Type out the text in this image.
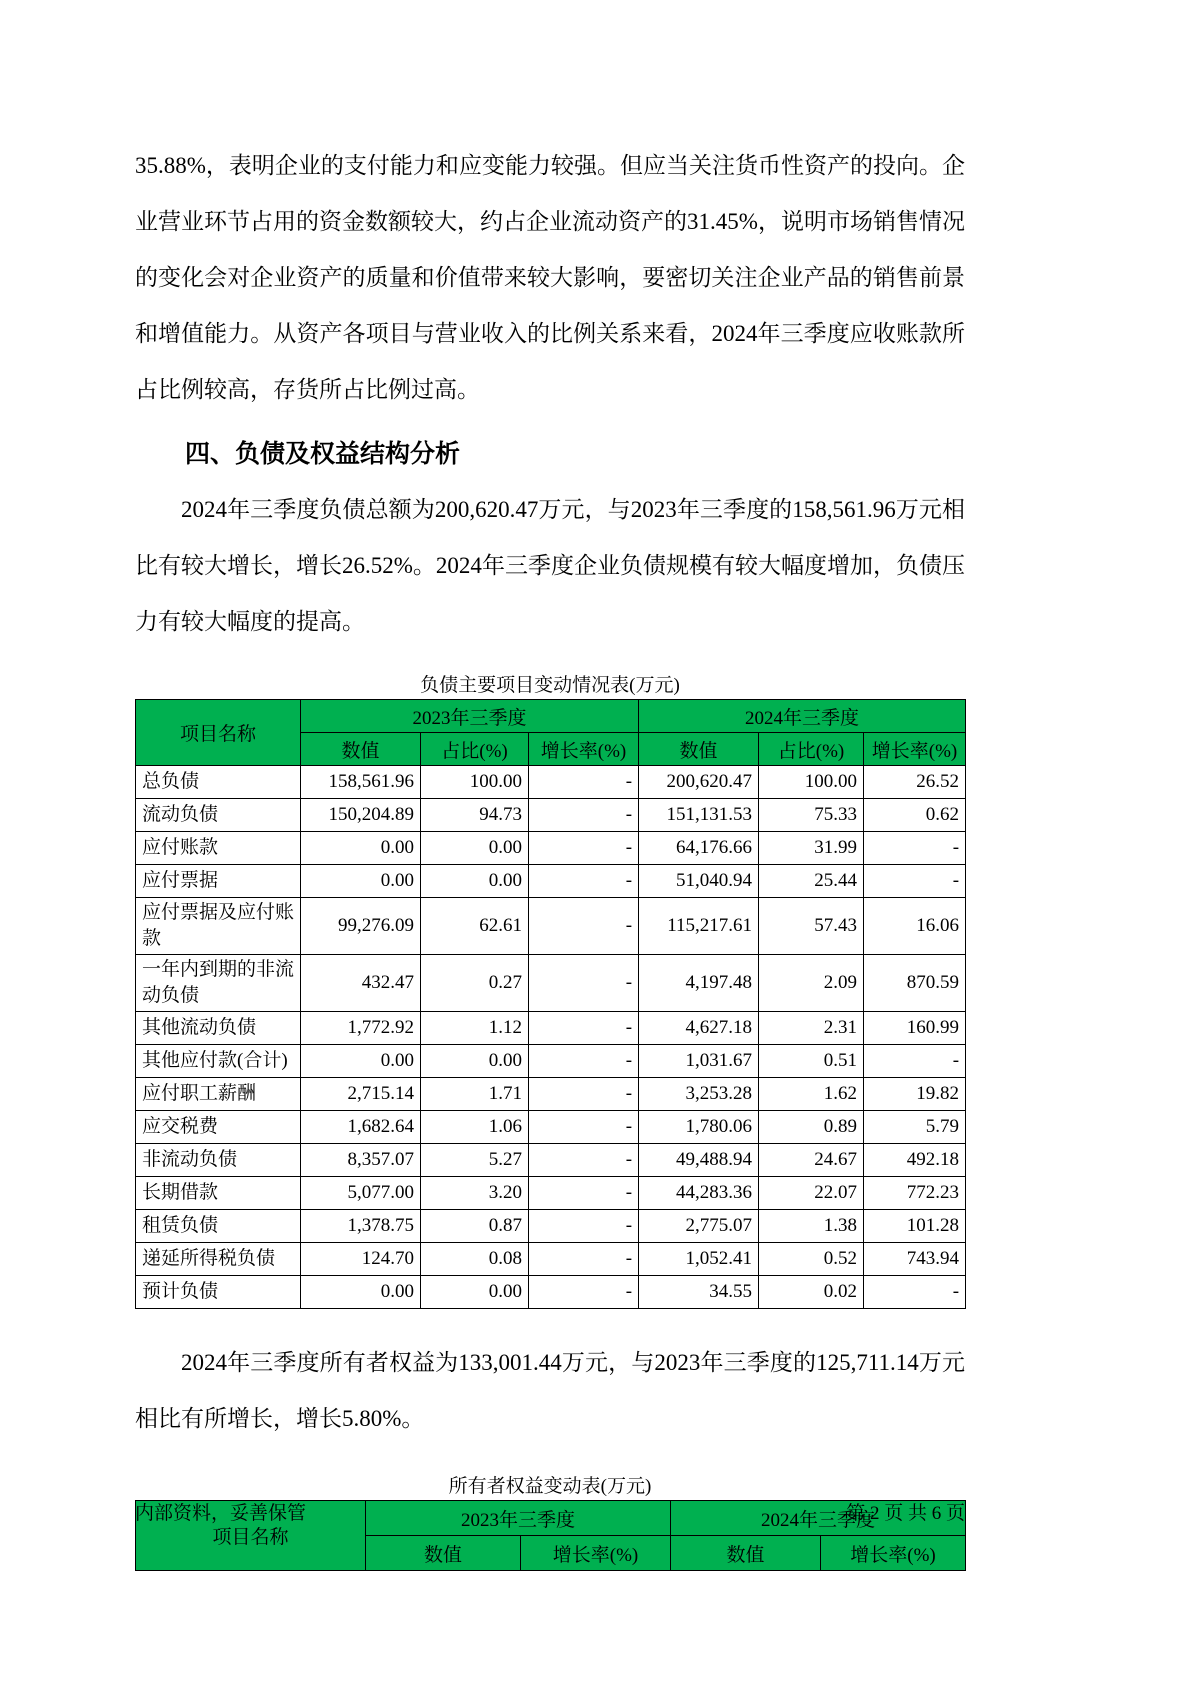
35.88%，表明企业的支付能力和应变能力较强。但应当关注货币性资产的投向。企业营业环节占用的资金数额较大，约占企业流动资产的31.45%，说明市场销售情况的变化会对企业资产的质量和价值带来较大影响，要密切关注企业产品的销售前景和增值能力。从资产各项目与营业收入的比例关系来看，2024年三季度应收账款所占比例较高，存货所占比例过高。

四、负债及权益结构分析

2024年三季度负债总额为200,620.47万元，与2023年三季度的158,561.96万元相比有较大增长，增长26.52%。2024年三季度企业负债规模有较大幅度增加，负债压力有较大幅度的提高。

负债主要项目变动情况表(万元)
项目名称	2023年三季度			2024年三季度		
	数值	占比(%)	增长率(%)	数值	占比(%)	增长率(%)
总负债	158,561.96	100.00	-	200,620.47	100.00	26.52
流动负债	150,204.89	94.73	-	151,131.53	75.33	0.62
应付账款	0.00	0.00	-	64,176.66	31.99	-
应付票据	0.00	0.00	-	51,040.94	25.44	-
应付票据及应付账款	99,276.09	62.61	-	115,217.61	57.43	16.06
一年内到期的非流动负债	432.47	0.27	-	4,197.48	2.09	870.59
其他流动负债	1,772.92	1.12	-	4,627.18	2.31	160.99
其他应付款(合计)	0.00	0.00	-	1,031.67	0.51	-
应付职工薪酬	2,715.14	1.71	-	3,253.28	1.62	19.82
应交税费	1,682.64	1.06	-	1,780.06	0.89	5.79
非流动负债	8,357.07	5.27	-	49,488.94	24.67	492.18
长期借款	5,077.00	3.20	-	44,283.36	22.07	772.23
租赁负债	1,378.75	0.87	-	2,775.07	1.38	101.28
递延所得税负债	124.70	0.08	-	1,052.41	0.52	743.94
预计负债	0.00	0.00	-	34.55	0.02	-

2024年三季度所有者权益为133,001.44万元，与2023年三季度的125,711.14万元相比有所增长，增长5.80%。

所有者权益变动表(万元)
项目名称	2023年三季度		2024年三季度	
	数值	增长率(%)	数值	增长率(%)
内部资料，妥善保管	第 2 页 共 6 页
